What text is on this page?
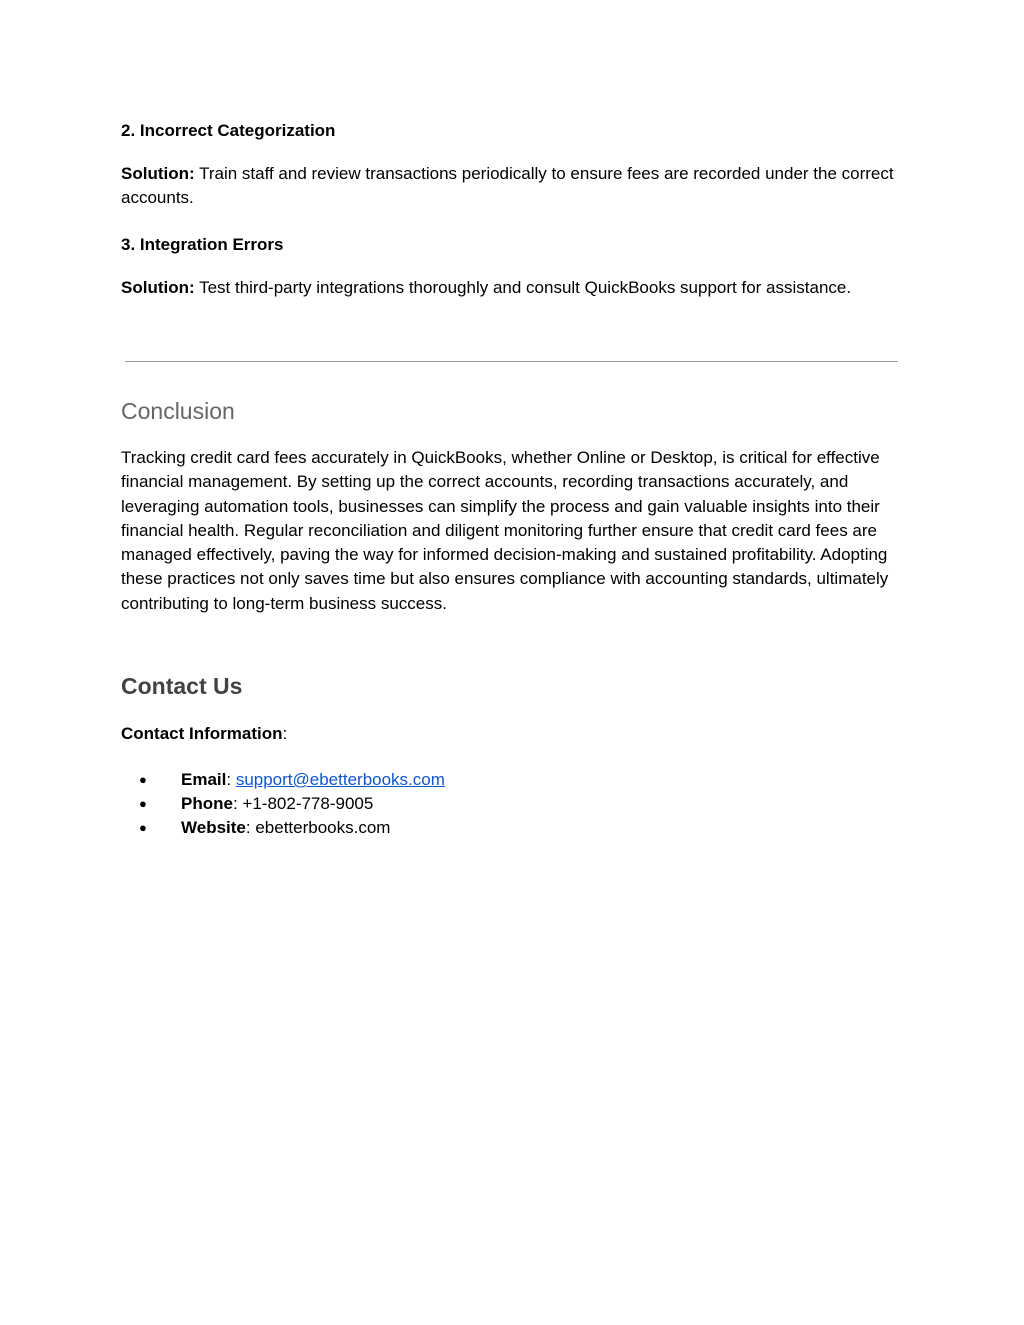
2. Incorrect Categorization
Solution: Train staff and review transactions periodically to ensure fees are recorded under the correct accounts.
3. Integration Errors
Solution: Test third-party integrations thoroughly and consult QuickBooks support for assistance.
Conclusion
Tracking credit card fees accurately in QuickBooks, whether Online or Desktop, is critical for effective financial management. By setting up the correct accounts, recording transactions accurately, and leveraging automation tools, businesses can simplify the process and gain valuable insights into their financial health. Regular reconciliation and diligent monitoring further ensure that credit card fees are managed effectively, paving the way for informed decision-making and sustained profitability. Adopting these practices not only saves time but also ensures compliance with accounting standards, ultimately contributing to long-term business success.
Contact Us
Contact Information:
● Email: support@ebetterbooks.com
● Phone: +1-802-778-9005
● Website: ebetterbooks.com
